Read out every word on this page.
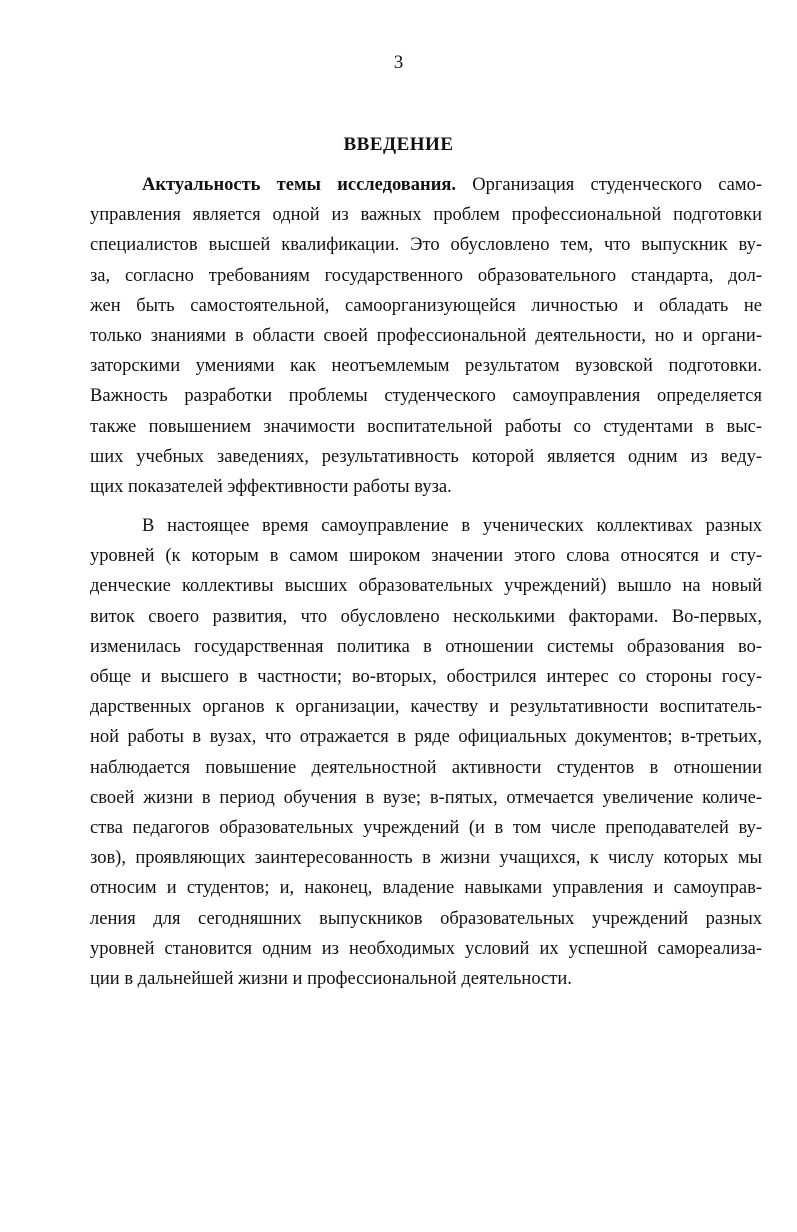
3
ВВЕДЕНИЕ
Актуальность темы исследования. Организация студенческого само-
управления является одной из важных проблем профессиональной подготовки
специалистов высшей квалификации. Это обусловлено тем, что выпускник ву-
за, согласно требованиям государственного образовательного стандарта, дол-
жен быть самостоятельной, самоорганизующейся личностью и обладать не
только знаниями в области своей профессиональной деятельности, но и органи-
заторскими умениями как неотъемлемым результатом вузовской подготовки.
Важность разработки проблемы студенческого самоуправления определяется
также повышением значимости воспитательной работы со студентами в выс-
ших учебных заведениях, результативность которой является одним из веду-
щих показателей эффективности работы вуза.
В настоящее время самоуправление в ученических коллективах разных
уровней (к которым в самом широком значении этого слова относятся и сту-
денческие коллективы высших образовательных учреждений) вышло на новый
виток своего развития, что обусловлено несколькими факторами. Во-первых,
изменилась государственная политика в отношении системы образования во-
обще и высшего в частности; во-вторых, обострился интерес со стороны госу-
дарственных органов к организации, качеству и результативности воспитатель-
ной работы в вузах, что отражается в ряде официальных документов; в-третьих,
наблюдается повышение деятельностной активности студентов в отношении
своей жизни в период обучения в вузе; в-пятых, отмечается увеличение количе-
ства педагогов образовательных учреждений (и в том числе преподавателей ву-
зов), проявляющих заинтересованность в жизни учащихся, к числу которых мы
относим и студентов; и, наконец, владение навыками управления и самоуправ-
ления для сегодняшних выпускников образовательных учреждений разных
уровней становится одним из необходимых условий их успешной самореализа-
ции в дальнейшей жизни и профессиональной деятельности.
